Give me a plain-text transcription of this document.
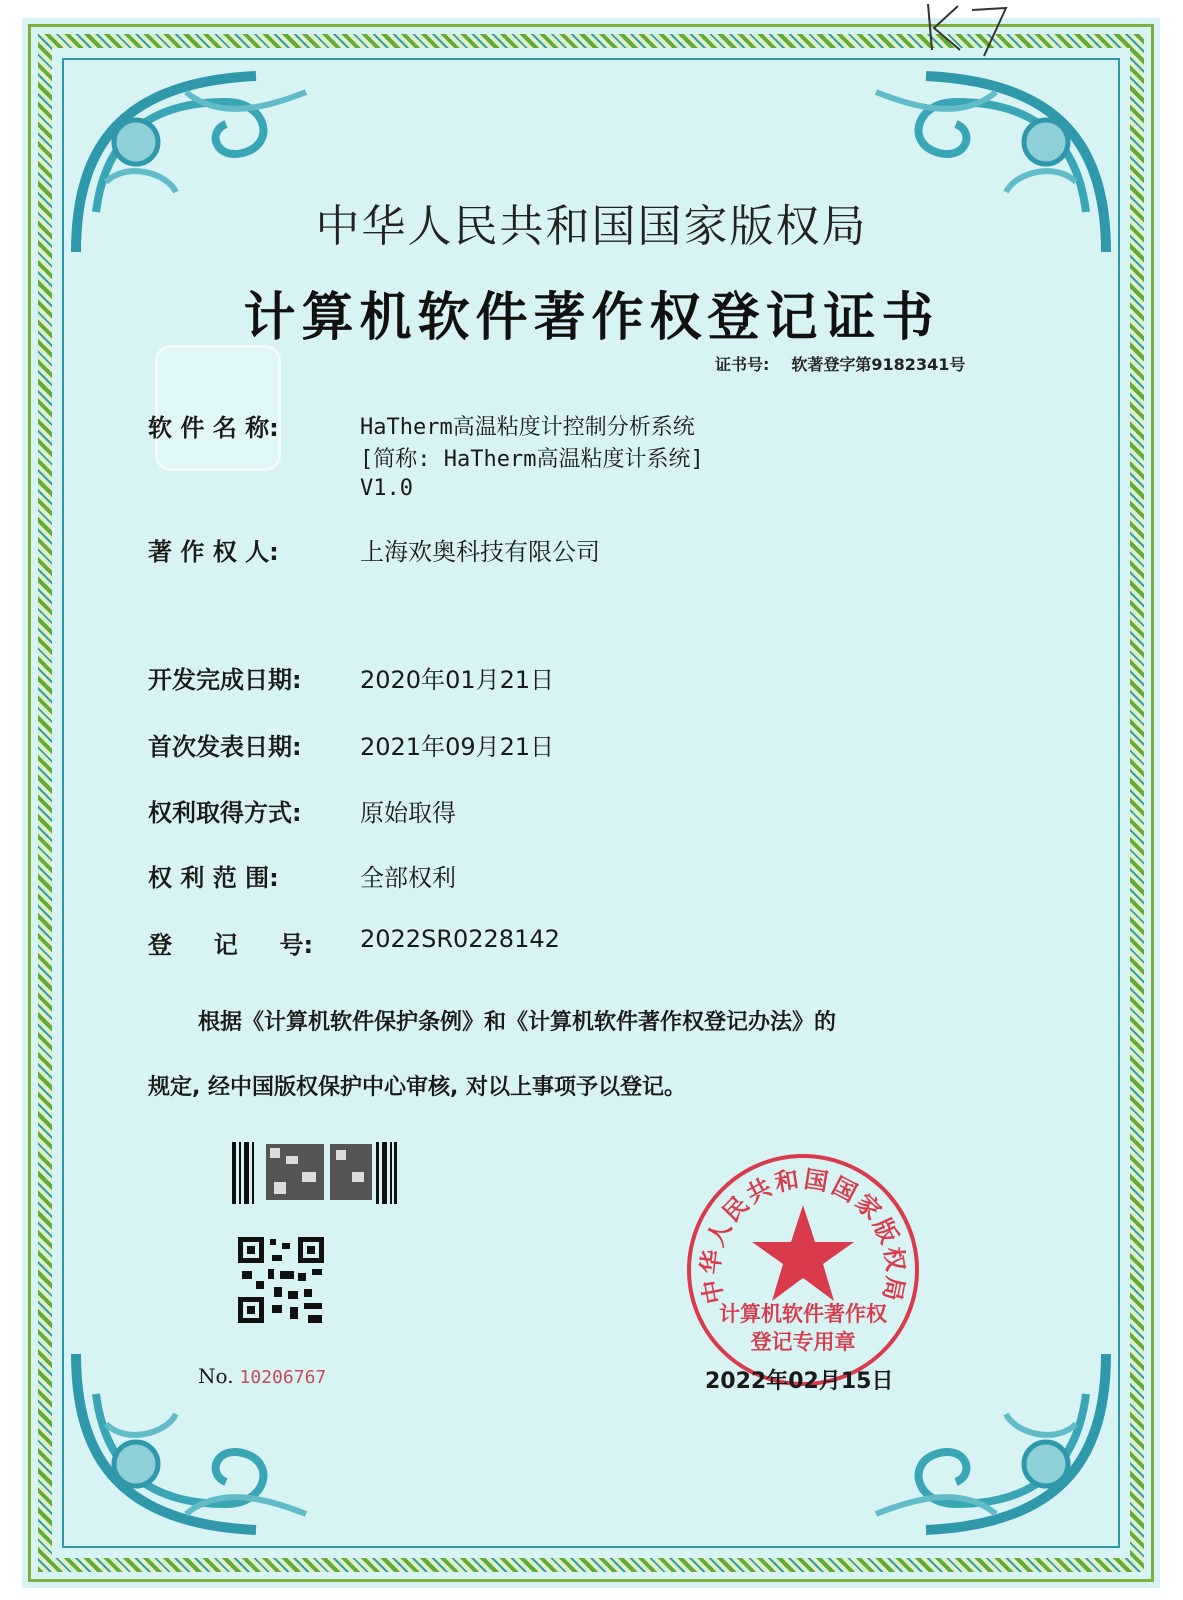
中华人民共和国国家版权局
计算机软件著作权登记证书
证书号: 软著登字第9182341号
软 件 名 称:	HaTherm高温粘度计控制分析系统
[简称: HaTherm高温粘度计系统]
V1.0
著 作 权 人:	上海欢奥科技有限公司
开发完成日期: 2020年01月21日
首次发表日期: 2021年09月21日
权利取得方式: 原始取得
权 利 范 围:	全部权利
登     记     号: 2022SR0228142
根据《计算机软件保护条例》和《计算机软件著作权登记办法》的
规定, 经中国版权保护中心审核, 对以上事项予以登记。
No. 10206767
中华人民共和国国家版权局
计算机软件著作权
登记专用章
2022年02月15日
